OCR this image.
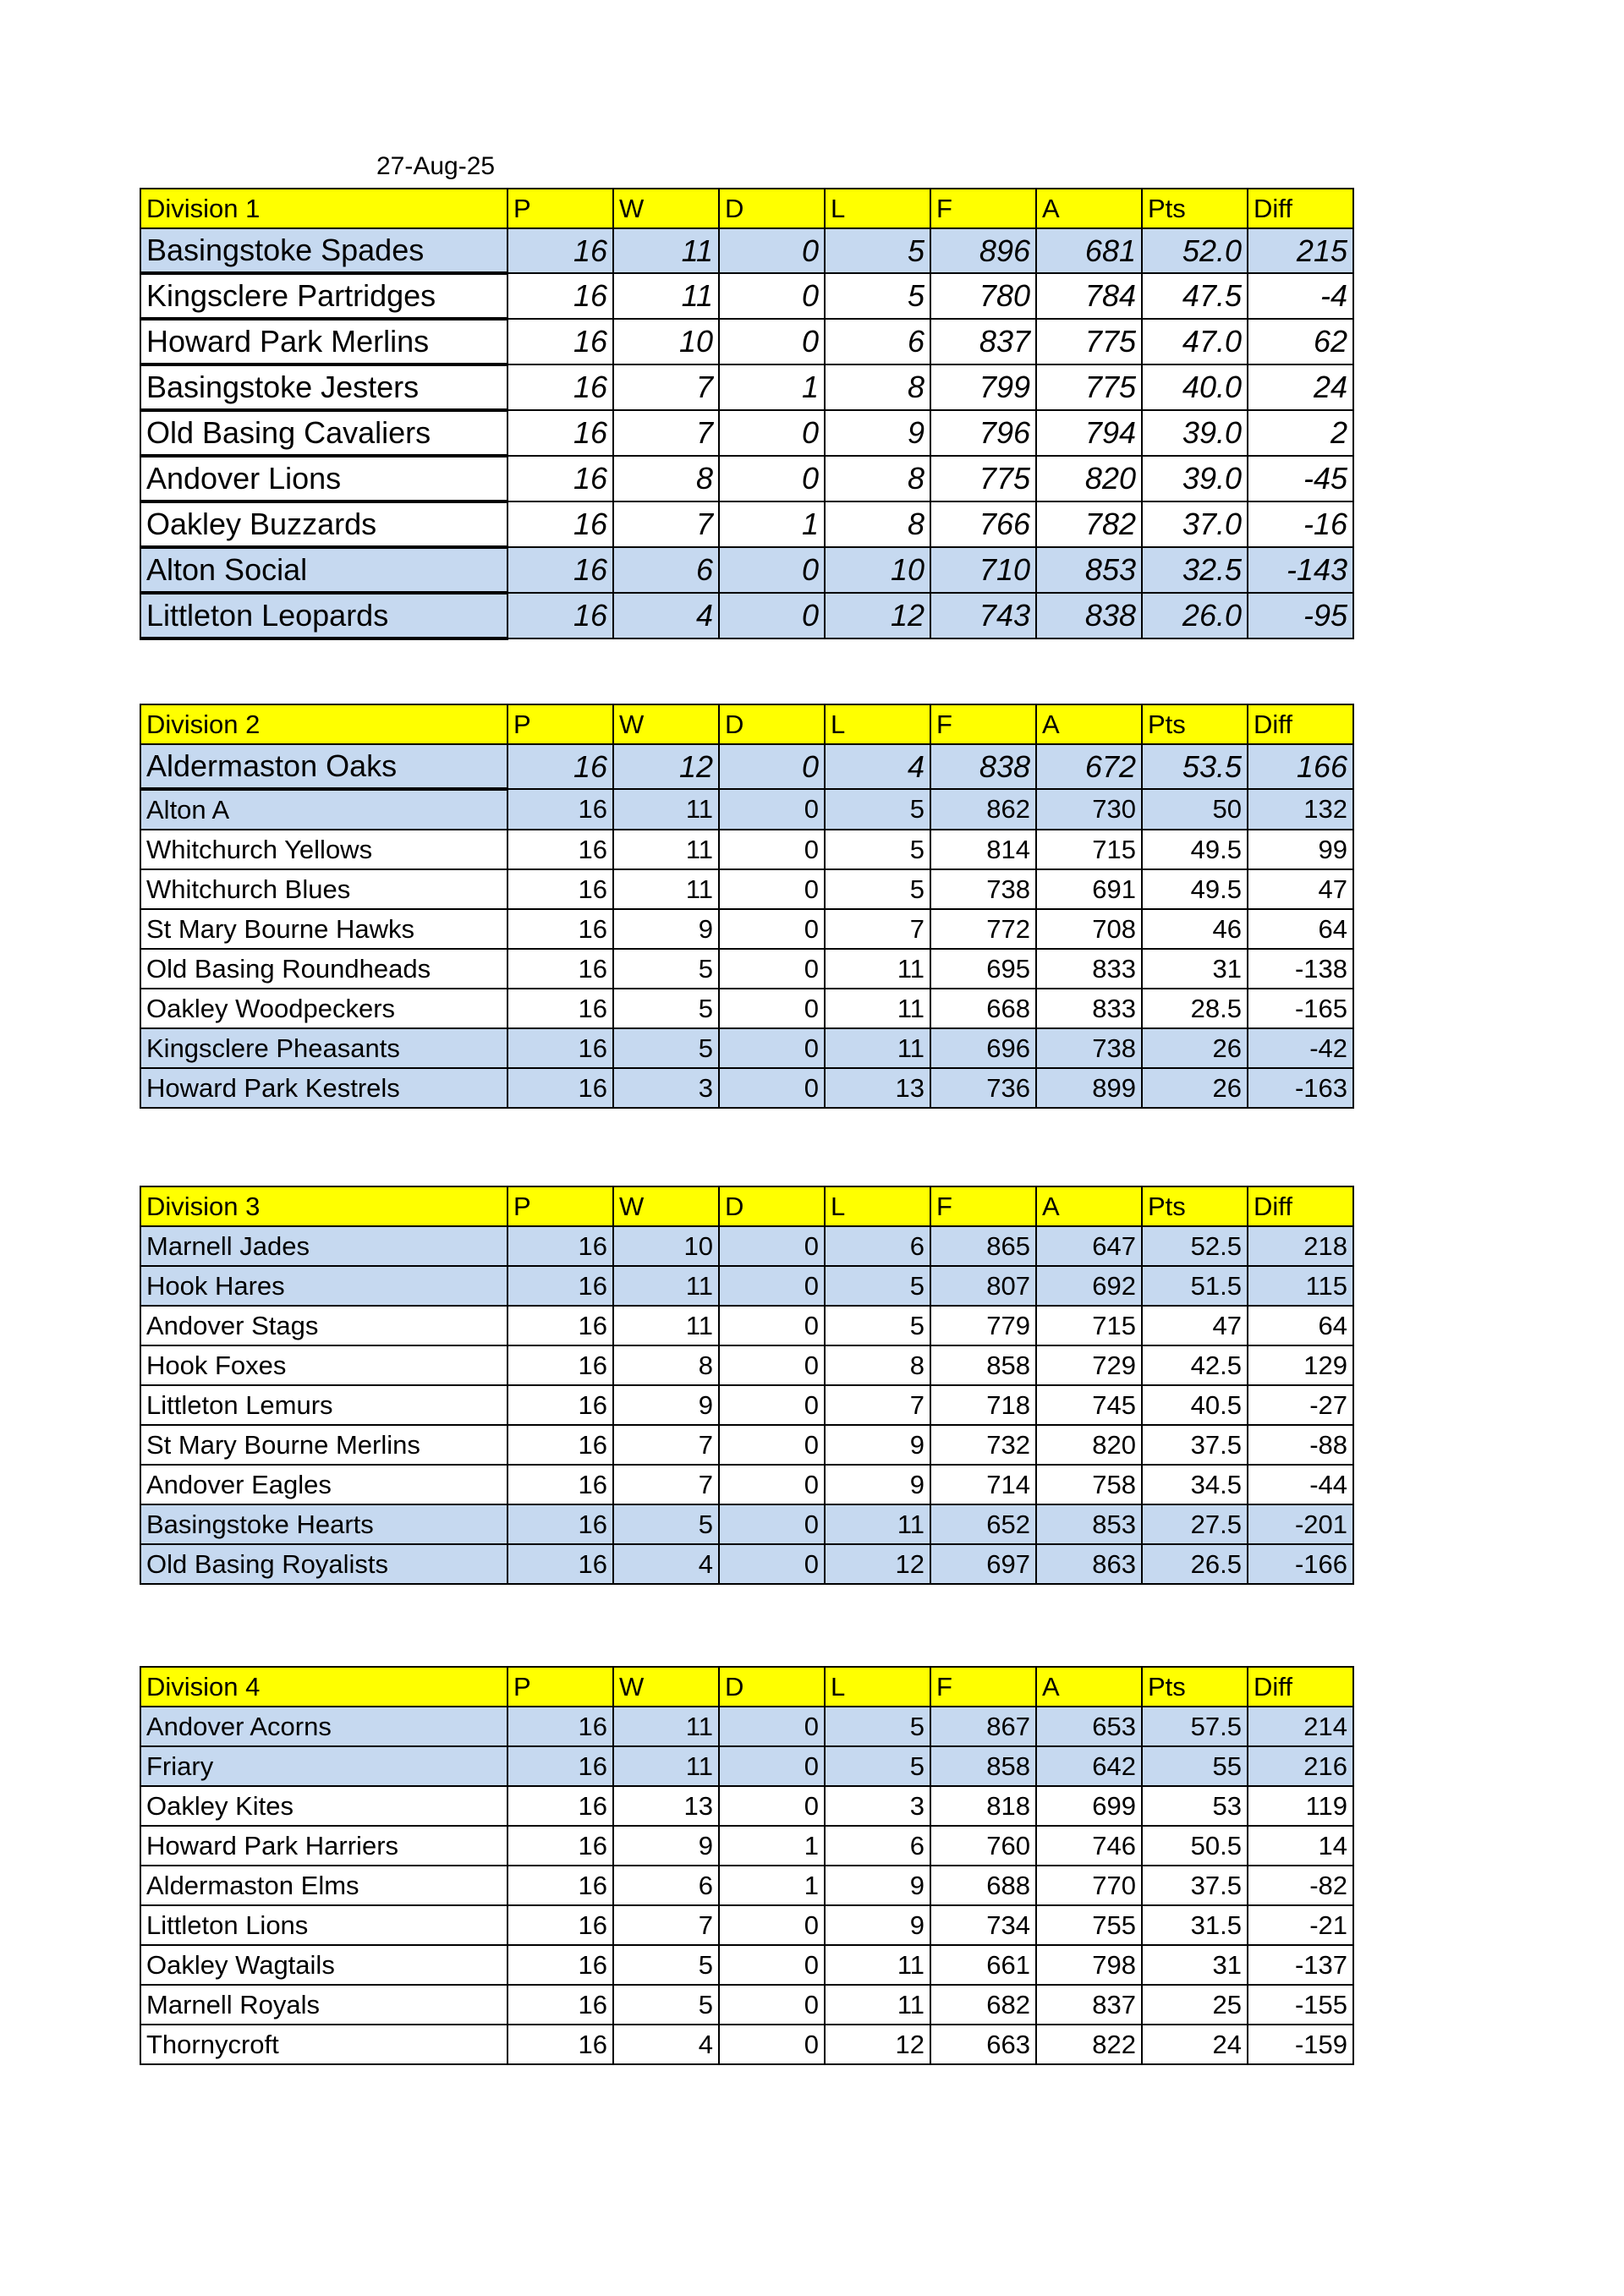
27-Aug-25
Division 1	P	W	D	L	F	A	Pts	Diff
Basingstoke Spades	16	11	0	5	896	681	52.0	215
Kingsclere Partridges	16	11	0	5	780	784	47.5	-4
Howard Park Merlins	16	10	0	6	837	775	47.0	62
Basingstoke Jesters	16	7	1	8	799	775	40.0	24
Old Basing Cavaliers	16	7	0	9	796	794	39.0	2
Andover Lions	16	8	0	8	775	820	39.0	-45
Oakley Buzzards	16	7	1	8	766	782	37.0	-16
Alton Social	16	6	0	10	710	853	32.5	-143
Littleton Leopards	16	4	0	12	743	838	26.0	-95
Division 2	P	W	D	L	F	A	Pts	Diff
Aldermaston Oaks	16	12	0	4	838	672	53.5	166
Alton A	16	11	0	5	862	730	50	132
Whitchurch Yellows	16	11	0	5	814	715	49.5	99
Whitchurch Blues	16	11	0	5	738	691	49.5	47
St Mary Bourne Hawks	16	9	0	7	772	708	46	64
Old Basing Roundheads	16	5	0	11	695	833	31	-138
Oakley Woodpeckers	16	5	0	11	668	833	28.5	-165
Kingsclere Pheasants	16	5	0	11	696	738	26	-42
Howard Park Kestrels	16	3	0	13	736	899	26	-163
Division 3	P	W	D	L	F	A	Pts	Diff
Marnell Jades	16	10	0	6	865	647	52.5	218
Hook Hares	16	11	0	5	807	692	51.5	115
Andover Stags	16	11	0	5	779	715	47	64
Hook Foxes	16	8	0	8	858	729	42.5	129
Littleton Lemurs	16	9	0	7	718	745	40.5	-27
St Mary Bourne Merlins	16	7	0	9	732	820	37.5	-88
Andover Eagles	16	7	0	9	714	758	34.5	-44
Basingstoke Hearts	16	5	0	11	652	853	27.5	-201
Old Basing Royalists	16	4	0	12	697	863	26.5	-166
Division 4	P	W	D	L	F	A	Pts	Diff
Andover Acorns	16	11	0	5	867	653	57.5	214
Friary	16	11	0	5	858	642	55	216
Oakley Kites	16	13	0	3	818	699	53	119
Howard Park Harriers	16	9	1	6	760	746	50.5	14
Aldermaston Elms	16	6	1	9	688	770	37.5	-82
Littleton Lions	16	7	0	9	734	755	31.5	-21
Oakley Wagtails	16	5	0	11	661	798	31	-137
Marnell Royals	16	5	0	11	682	837	25	-155
Thornycroft	16	4	0	12	663	822	24	-159
